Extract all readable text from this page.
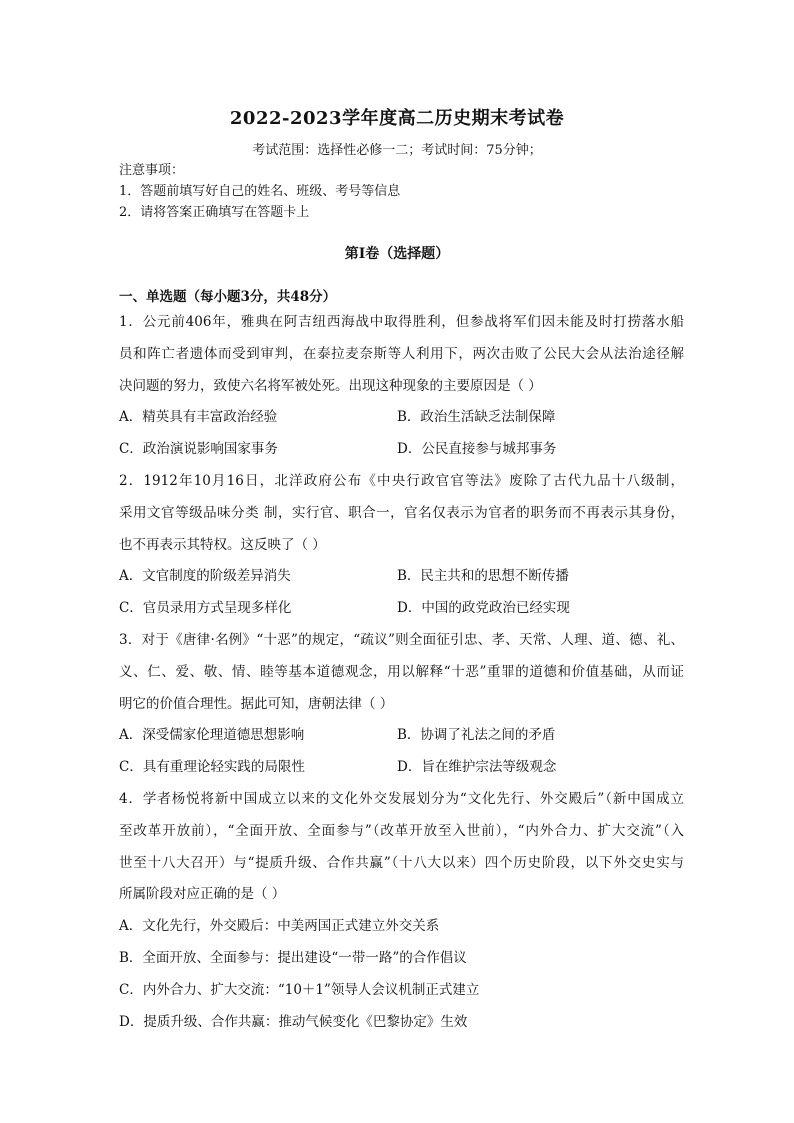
2022-2023学年度高二历史期末考试卷
考试范围：选择性必修一二；考试时间：75分钟；
注意事项：
1．答题前填写好自己的姓名、班级、考号等信息
2．请将答案正确填写在答题卡上
第I卷（选择题）
一、单选题（每小题3分，共48分）
1．公元前406年，雅典在阿吉纽西海战中取得胜利，但参战将军们因未能及时打捞落水船
员和阵亡者遗体而受到审判，在泰拉麦奈斯等人利用下，两次击败了公民大会从法治途径解
决问题的努力，致使六名将军被处死。出现这种现象的主要原因是（ ）
A．精英具有丰富政治经验	B．政治生活缺乏法制保障
C．政治演说影响国家事务	D．公民直接参与城邦事务
2．1912年10月16日，北洋政府公布《中央行政官官等法》废除了古代九品十八级制，
采用文官等级品味分类 制，实行官、职合一，官名仅表示为官者的职务而不再表示其身份，
也不再表示其特权。这反映了（ ）
A．文官制度的阶级差异消失	B．民主共和的思想不断传播
C．官员录用方式呈现多样化	D．中国的政党政治已经实现
3．对于《唐律·名例》“十恶”的规定，“疏议”则全面征引忠、孝、天常、人理、道、德、礼、
义、仁、爱、敬、情、睦等基本道德观念，用以解释“十恶”重罪的道德和价值基础，从而证
明它的价值合理性。据此可知，唐朝法律（ ）
A．深受儒家伦理道德思想影响	B．协调了礼法之间的矛盾
C．具有重理论轻实践的局限性	D．旨在维护宗法等级观念
4．学者杨悦将新中国成立以来的文化外交发展划分为“文化先行、外交殿后”（新中国成立
至改革开放前），“全面开放、全面参与”（改革开放至入世前），“内外合力、扩大交流”（入
世至十八大召开）与“提质升级、合作共赢”（十八大以来）四个历史阶段，以下外交史实与
所属阶段对应正确的是（ ）
A．文化先行，外交殿后：中美两国正式建立外交关系
B．全面开放、全面参与：提出建设“一带一路”的合作倡议
C．内外合力、扩大交流：“10＋1”领导人会议机制正式建立
D．提质升级、合作共赢：推动气候变化《巴黎协定》生效
